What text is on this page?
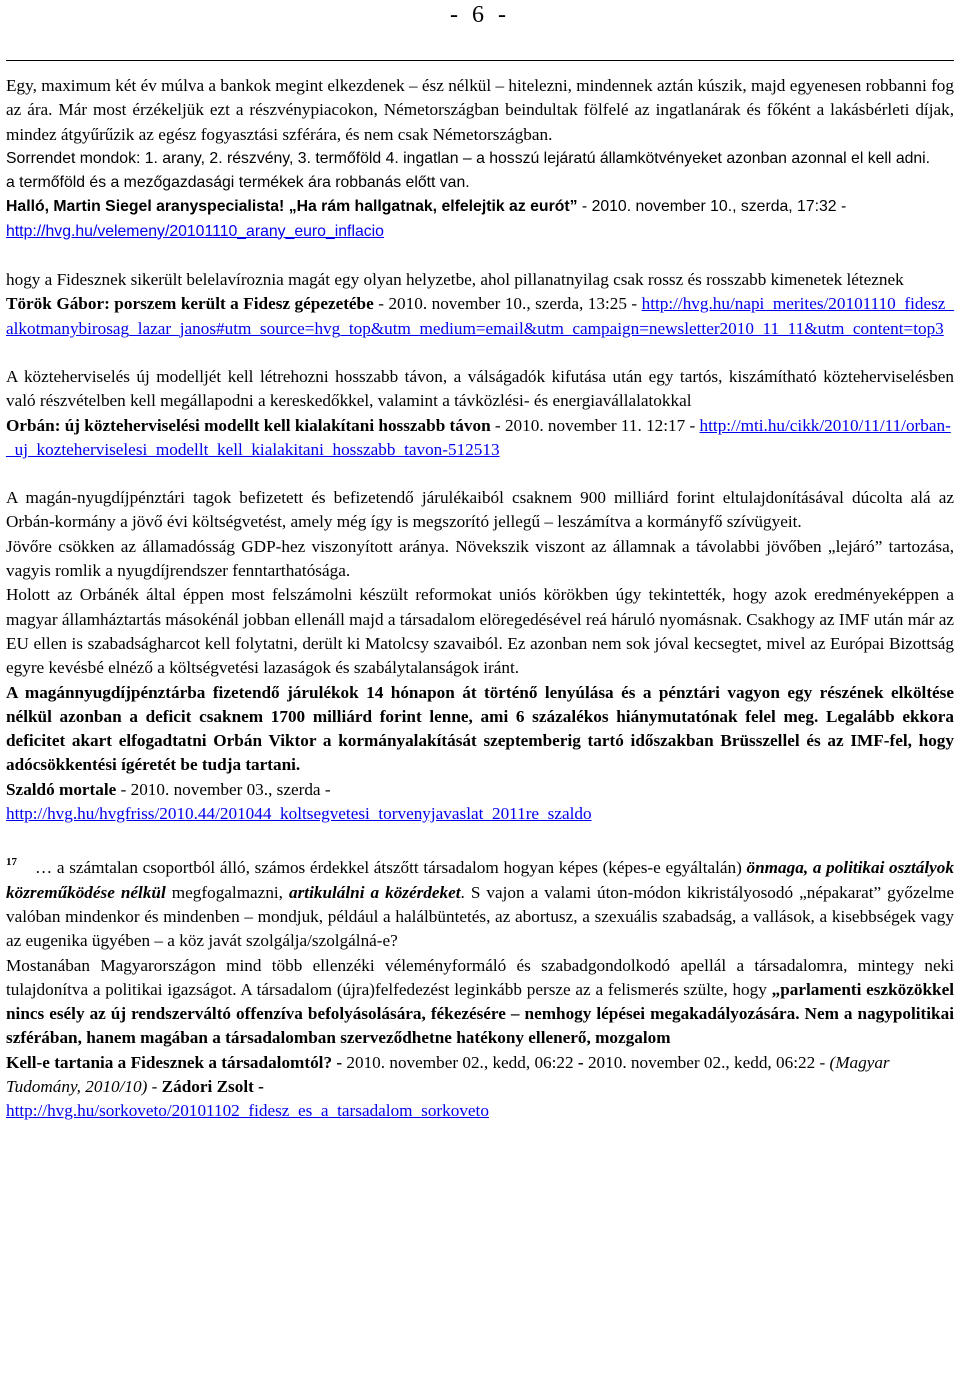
- 6 -

Egy, maximum két év múlva a bankok megint elkezdenek – ész nélkül – hitelezni, mindennek aztán kúszik, majd egyenesen robbanni fog az ára. Már most érzékeljük ezt a részvénypiacokon, Németországban beindultak fölfelé az ingatlanárak és főként a lakásbérleti díjak, mindez átgyűrűzik az egész fogyasztási szférára, és nem csak Németországban.

Sorrendet mondok: 1. arany, 2. részvény, 3. termőföld 4. ingatlan – a hosszú lejáratú államkötvényeket azonban azonnal el kell adni.

a termőföld és a mezőgazdasági termékek ára robbanás előtt van.

Halló, Martin Siegel aranyspecialista! „Ha rám hallgatnak, elfelejtik az eurót” - 2010. november 10., szerda, 17:32 - http://hvg.hu/velemeny/20101110_arany_euro_inflacio

hogy a Fidesznek sikerült belelavíroznia magát egy olyan helyzetbe, ahol pillanatnyilag csak rossz és rosszabb kimenetek léteznek

Török Gábor: porszem került a Fidesz gépezetébe - 2010. november 10., szerda, 13:25 - http://hvg.hu/napi_merites/20101110_fidesz_alkotmanybirosag_lazar_janos#utm_source=hvg_top&utm_medium=email&utm_campaign=newsletter2010_11_11&utm_content=top3

A közteherviselés új modelljét kell létrehozni hosszabb távon, a válságadók kifutása után egy tartós, kiszámítható közteherviselésben való részvételben kell megállapodni a kereskedőkkel, valamint a távközlési- és energiavállalatokkal

Orbán: új közteherviselési modellt kell kialakítani hosszabb távon - 2010. november 11. 12:17 - http://mti.hu/cikk/2010/11/11/orban-_uj_kozteherviselesi_modellt_kell_kialakitani_hosszabb_tavon-512513

A magán-nyugdíjpénztári tagok befizetett és befizetendő járulékaiból csaknem 900 milliárd forint eltulajdonításával dúcolta alá az Orbán-kormány a jövő évi költségvetést, amely még így is megszorító jellegű – leszámítva a kormányfő szívügyeit.

Jövőre csökken az államadósság GDP-hez viszonyított aránya. Növekszik viszont az államnak a távolabbi jövőben „lejáró” tartozása, vagyis romlik a nyugdíjrendszer fenntarthatósága.

Holott az Orbánék által éppen most felszámolni készült reformokat uniós körökben úgy tekintették, hogy azok eredményeképpen a magyar államháztartás másokénál jobban ellenáll majd a társadalom elöregedésével reá háruló nyomásnak. Csakhogy az IMF után már az EU ellen is szabadságharcot kell folytatni, derült ki Matolcsy szavaiból. Ez azonban nem sok jóval kecsegtet, mivel az Európai Bizottság egyre kevésbé elnéző a költségvetési lazaságok és szabálytalanságok iránt.

A magánnyugdíjpénztárba fizetendő járulékok 14 hónapon át történő lenyúlása és a pénztári vagyon egy részének elköltése nélkül azonban a deficit csaknem 1700 milliárd forint lenne, ami 6 százalékos hiánymutatónak felel meg. Legalább ekkora deficitet akart elfogadtatni Orbán Viktor a kormányalakítását szeptemberig tartó időszakban Brüsszellel és az IMF-fel, hogy adócsökkentési ígéretét be tudja tartani.

Szaldó mortale - 2010. november 03., szerda -
http://hvg.hu/hvgfriss/2010.44/201044_koltsegvetesi_torvenyjavaslat_2011re_szaldo

$^{17}$ … a számtalan csoportból álló, számos érdekkel átszőtt társadalom hogyan képes (képes-e egyáltalán) önmaga, a politikai osztályok közreműködése nélkül megfogalmazni, artikulálni a közérdeket. S vajon a valami úton-módon kikristályosodó „népakarat” győzelme valóban mindenkor és mindenben – mondjuk, például a halálbüntetés, az abortusz, a szexuális szabadság, a vallások, a kisebbségek vagy az eugenika ügyében – a köz javát szolgálja/szolgálná-e?

Mostanában Magyarországon mind több ellenzéki véleményformáló és szabadgondolkodó apellál a társadalomra, mintegy neki tulajdonítva a politikai igazságot. A társadalom (újra)felfedezést leginkább persze az a felismerés szülte, hogy „parlamenti eszközökkel nincs esély az új rendszerváltó offenzíva befolyásolására, fékezésére – nemhogy lépései megakadályozására. Nem a nagypolitikai szférában, hanem magában a társadalomban szerveződhetne hatékony ellenerő, mozgalom

Kell-e tartania a Fidesznek a társadalomtól? - 2010. november 02., kedd, 06:22 - 2010. november 02., kedd, 06:22 - (Magyar Tudomány, 2010/10) - Zádori Zsolt -
http://hvg.hu/sorkoveto/20101102_fidesz_es_a_tarsadalom_sorkoveto
